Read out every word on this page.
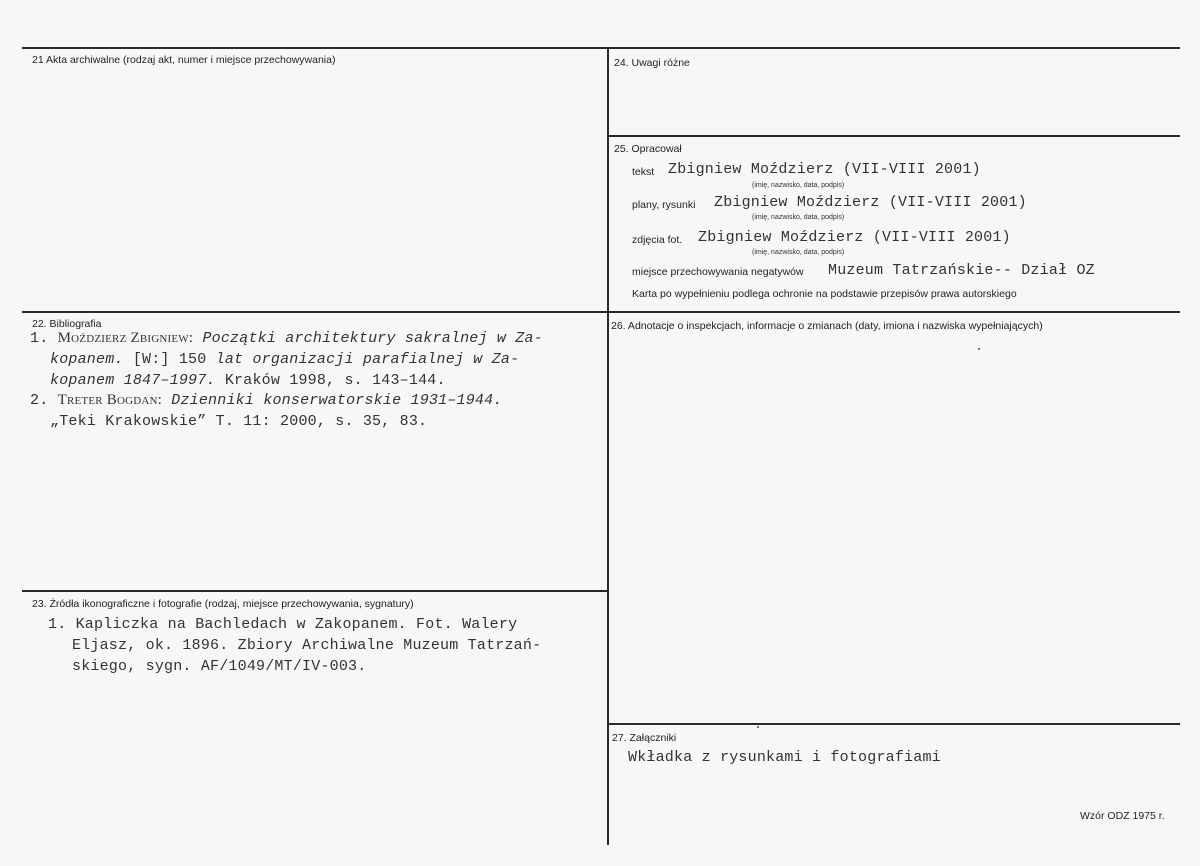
21 Akta archiwalne (rodzaj akt, numer i miejsce przechowywania)	24. Uwagi różne
25. Opracował
tekst Zbigniew Moździerz (VII-VIII 2001)
(imię, nazwisko, data, podpis)
plany, rysunki Zbigniew Moździerz (VII-VIII 2001)
(imię, nazwisko, data, podpis)
zdjęcia fot. Zbigniew Moździerz (VII-VIII 2001)
(imię, nazwisko, data, podpis)
miejsce przechowywania negatywów Muzeum Tatrzańskie-- Dział OZ
Karta po wypełnieniu podlega ochronie na podstawie przepisów prawa autorskiego
22. Bibliografia
1. Moździerz Zbigniew: Początki architektury sakralnej w Za-
kopanem. [W:] 150 lat organizacji parafialnej w Za-
kopanem 1847–1997. Kraków 1998, s. 143–144.
2. Treter Bogdan: Dzienniki konserwatorskie 1931–1944.
„Teki Krakowskie” T. 11: 2000, s. 35, 83.
23. Źródła ikonograficzne i fotografie (rodzaj, miejsce przechowywania, sygnatury)
1. Kapliczka na Bachledach w Zakopanem. Fot. Walery
Eljasz, ok. 1896. Zbiory Archiwalne Muzeum Tatrzań-
skiego, sygn. AF/1049/MT/IV-003.
26. Adnotacje o inspekcjach, informacje o zmianach (daty, imiona i nazwiska wypełniających)
27. Załączniki
Wkładka z rysunkami i fotografiami
Wzór ODZ 1975 r.
